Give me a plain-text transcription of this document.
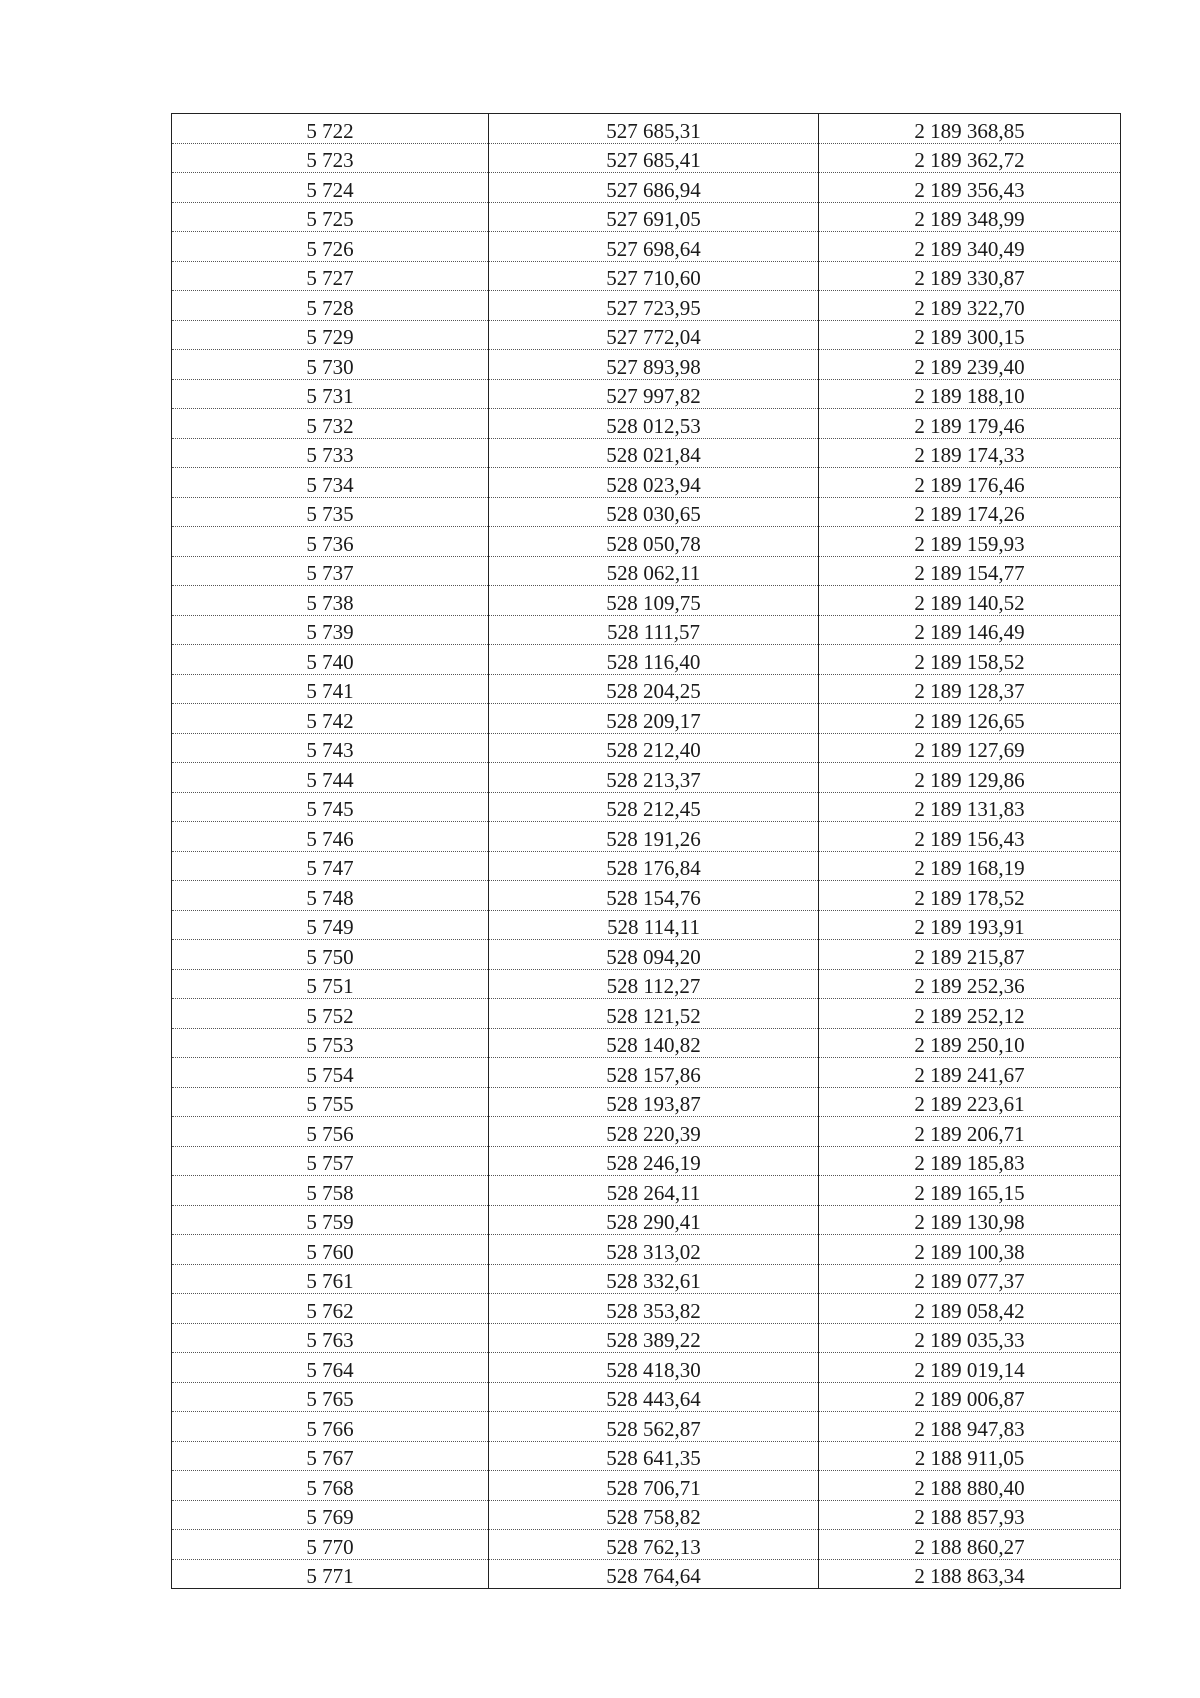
5 722	527 685,31	2 189 368,85
5 723	527 685,41	2 189 362,72
5 724	527 686,94	2 189 356,43
5 725	527 691,05	2 189 348,99
5 726	527 698,64	2 189 340,49
5 727	527 710,60	2 189 330,87
5 728	527 723,95	2 189 322,70
5 729	527 772,04	2 189 300,15
5 730	527 893,98	2 189 239,40
5 731	527 997,82	2 189 188,10
5 732	528 012,53	2 189 179,46
5 733	528 021,84	2 189 174,33
5 734	528 023,94	2 189 176,46
5 735	528 030,65	2 189 174,26
5 736	528 050,78	2 189 159,93
5 737	528 062,11	2 189 154,77
5 738	528 109,75	2 189 140,52
5 739	528 111,57	2 189 146,49
5 740	528 116,40	2 189 158,52
5 741	528 204,25	2 189 128,37
5 742	528 209,17	2 189 126,65
5 743	528 212,40	2 189 127,69
5 744	528 213,37	2 189 129,86
5 745	528 212,45	2 189 131,83
5 746	528 191,26	2 189 156,43
5 747	528 176,84	2 189 168,19
5 748	528 154,76	2 189 178,52
5 749	528 114,11	2 189 193,91
5 750	528 094,20	2 189 215,87
5 751	528 112,27	2 189 252,36
5 752	528 121,52	2 189 252,12
5 753	528 140,82	2 189 250,10
5 754	528 157,86	2 189 241,67
5 755	528 193,87	2 189 223,61
5 756	528 220,39	2 189 206,71
5 757	528 246,19	2 189 185,83
5 758	528 264,11	2 189 165,15
5 759	528 290,41	2 189 130,98
5 760	528 313,02	2 189 100,38
5 761	528 332,61	2 189 077,37
5 762	528 353,82	2 189 058,42
5 763	528 389,22	2 189 035,33
5 764	528 418,30	2 189 019,14
5 765	528 443,64	2 189 006,87
5 766	528 562,87	2 188 947,83
5 767	528 641,35	2 188 911,05
5 768	528 706,71	2 188 880,40
5 769	528 758,82	2 188 857,93
5 770	528 762,13	2 188 860,27
5 771	528 764,64	2 188 863,34
